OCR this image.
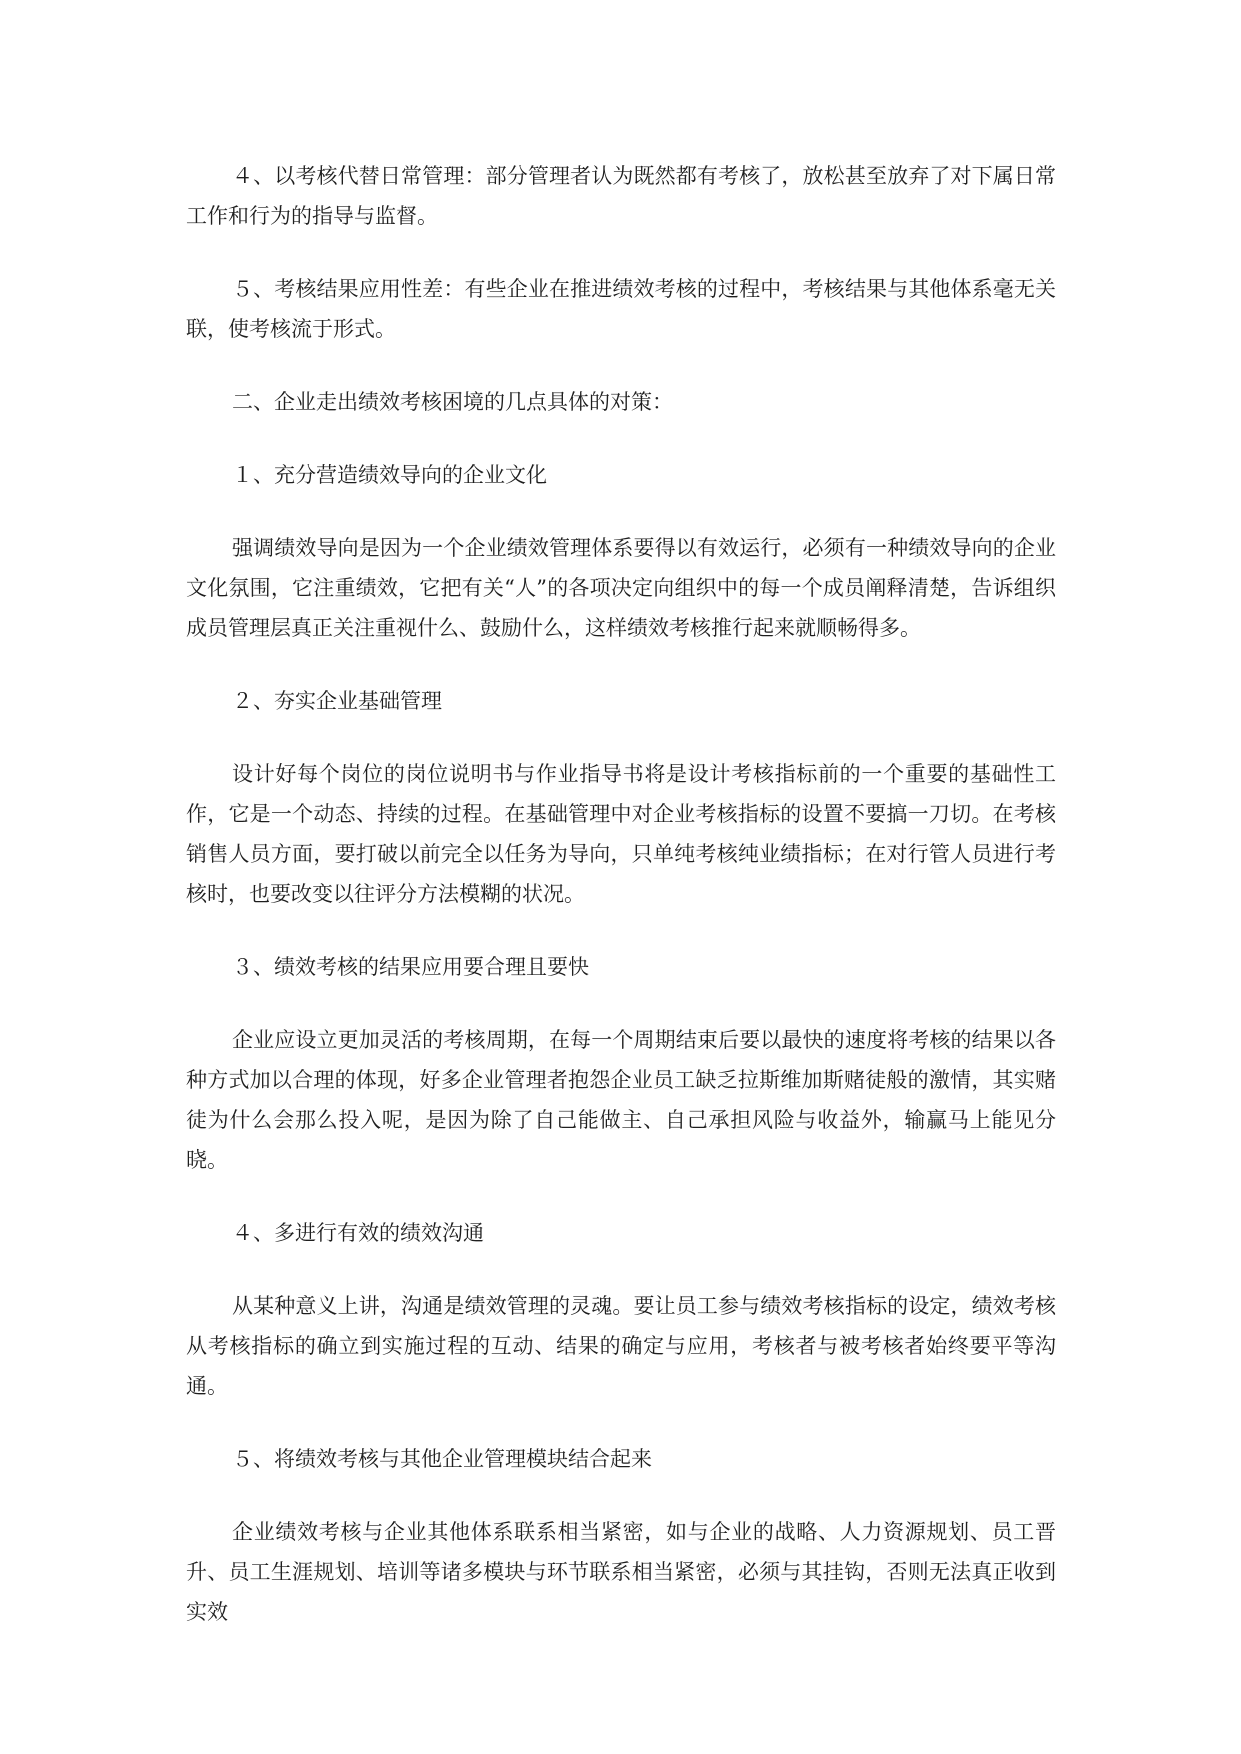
４、以考核代替日常管理：部分管理者认为既然都有考核了，放松甚至放弃了对下属日常工作和行为的指导与监督。

５、考核结果应用性差：有些企业在推进绩效考核的过程中，考核结果与其他体系毫无关联，使考核流于形式。

二、企业走出绩效考核困境的几点具体的对策：

１、充分营造绩效导向的企业文化

强调绩效导向是因为一个企业绩效管理体系要得以有效运行，必须有一种绩效导向的企业文化氛围，它注重绩效，它把有关“人”的各项决定向组织中的每一个成员阐释清楚，告诉组织成员管理层真正关注重视什么、鼓励什么，这样绩效考核推行起来就顺畅得多。

２、夯实企业基础管理

设计好每个岗位的岗位说明书与作业指导书将是设计考核指标前的一个重要的基础性工作，它是一个动态、持续的过程。在基础管理中对企业考核指标的设置不要搞一刀切。在考核销售人员方面，要打破以前完全以任务为导向，只单纯考核纯业绩指标；在对行管人员进行考核时，也要改变以往评分方法模糊的状况。

３、绩效考核的结果应用要合理且要快

企业应设立更加灵活的考核周期，在每一个周期结束后要以最快的速度将考核的结果以各种方式加以合理的体现，好多企业管理者抱怨企业员工缺乏拉斯维加斯赌徒般的激情，其实赌徒为什么会那么投入呢，是因为除了自己能做主、自己承担风险与收益外，输赢马上能见分晓。

４、多进行有效的绩效沟通

从某种意义上讲，沟通是绩效管理的灵魂。要让员工参与绩效考核指标的设定，绩效考核从考核指标的确立到实施过程的互动、结果的确定与应用，考核者与被考核者始终要平等沟通。

５、将绩效考核与其他企业管理模块结合起来

企业绩效考核与企业其他体系联系相当紧密，如与企业的战略、人力资源规划、员工晋升、员工生涯规划、培训等诸多模块与环节联系相当紧密，必须与其挂钩，否则无法真正收到实效
